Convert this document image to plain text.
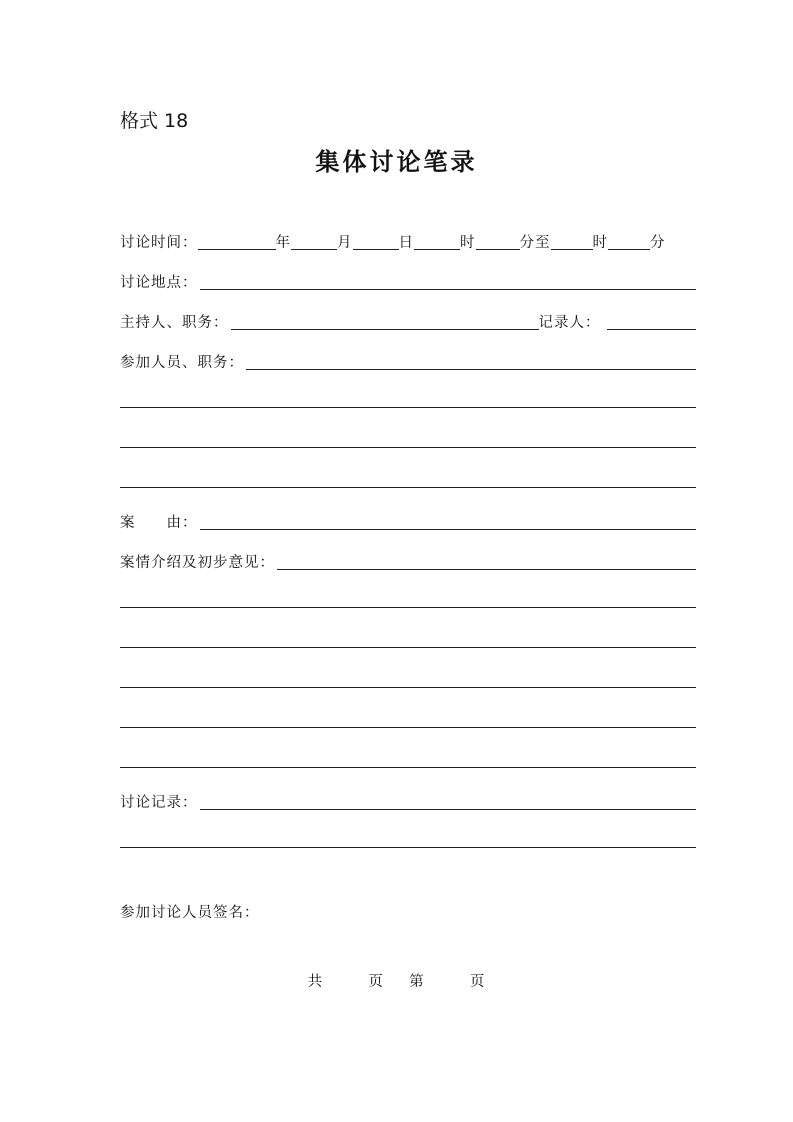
格式 18
集体讨论笔录
讨论时间：	年	月	日	时	分至	时	分
讨论地点：
主持人、职务：	记录人：
参加人员、职务：
案　　由：
案情介绍及初步意见：
讨论记录：
参加讨论人员签名：
共	页 第	页
